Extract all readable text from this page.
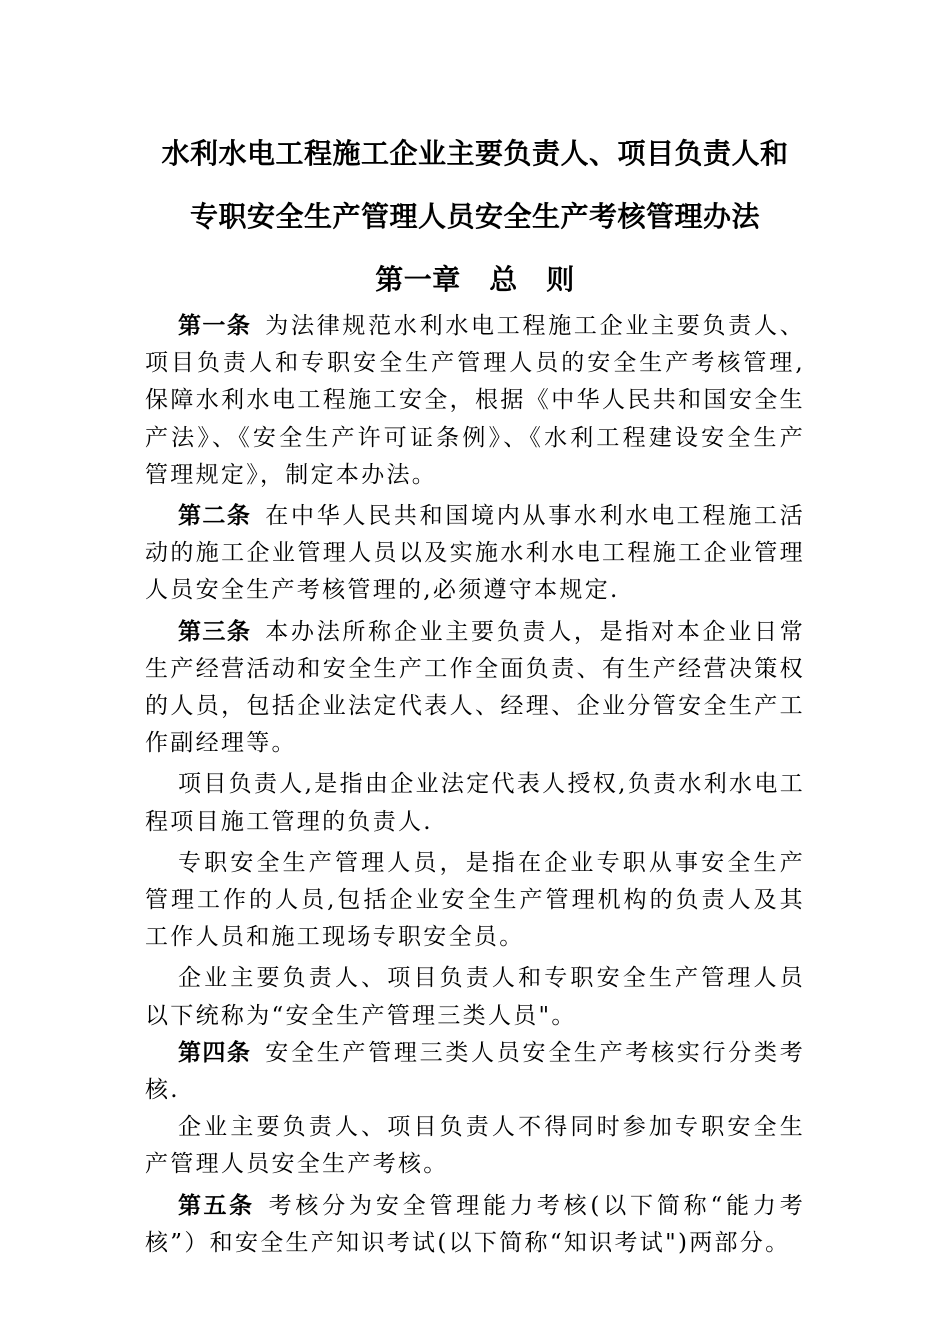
水利水电工程施工企业主要负责人、项目负责人和
专职安全生产管理人员安全生产考核管理办法
第一章　总　则

第一条 为法律规范水利水电工程施工企业主要负责人、项目负责人和专职安全生产管理人员的安全生产考核管理,保障水利水电工程施工安全，根据《中华人民共和国安全生产法》、《安全生产许可证条例》、《水利工程建设安全生产管理规定》，制定本办法。

第二条 在中华人民共和国境内从事水利水电工程施工活动的施工企业管理人员以及实施水利水电工程施工企业管理人员安全生产考核管理的,必须遵守本规定.

第三条 本办法所称企业主要负责人，是指对本企业日常生产经营活动和安全生产工作全面负责、有生产经营决策权的人员，包括企业法定代表人、经理、企业分管安全生产工作副经理等。

项目负责人,是指由企业法定代表人授权,负责水利水电工程项目施工管理的负责人.

专职安全生产管理人员，是指在企业专职从事安全生产管理工作的人员,包括企业安全生产管理机构的负责人及其工作人员和施工现场专职安全员。

企业主要负责人、项目负责人和专职安全生产管理人员以下统称为“安全生产管理三类人员"。

第四条 安全生产管理三类人员安全生产考核实行分类考核.

企业主要负责人、项目负责人不得同时参加专职安全生产管理人员安全生产考核。

第五条 考核分为安全管理能力考核(以下简称“能力考核”）和安全生产知识考试(以下简称“知识考试")两部分。
